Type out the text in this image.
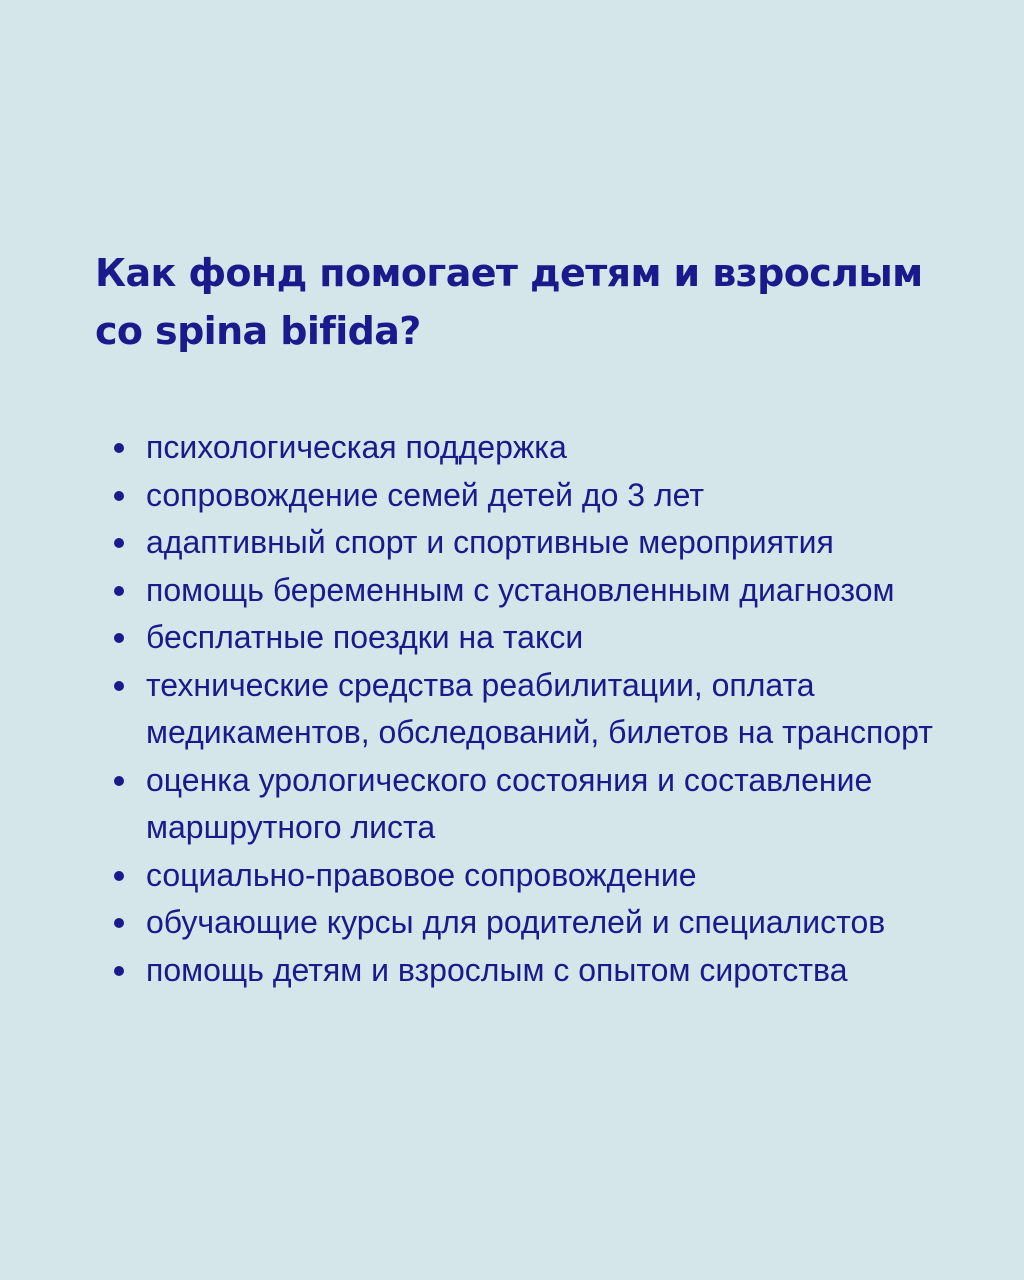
Как фонд помогает детям и взрослым
со spina bifida?
психологическая поддержка
сопровождение семей детей до 3 лет
адаптивный спорт и спортивные мероприятия
помощь беременным с установленным диагнозом
бесплатные поездки на такси
технические средства реабилитации, оплата
медикаментов, обследований, билетов на транспорт
оценка урологического состояния и составление
маршрутного листа
социально-правовое сопровождение
обучающие курсы для родителей и специалистов
помощь детям и взрослым с опытом сиротства
